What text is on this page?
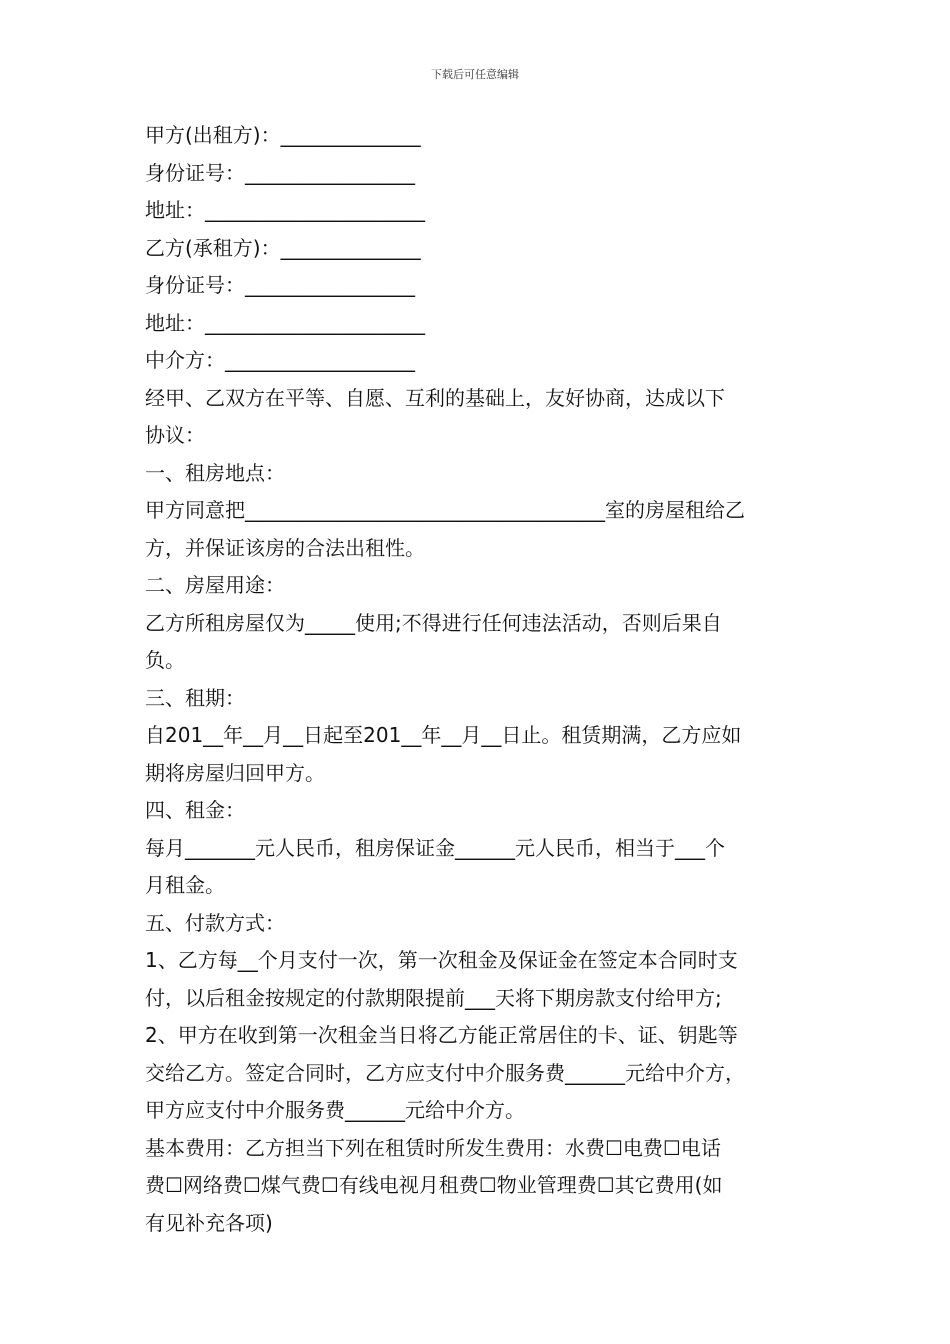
下载后可任意编辑

甲方(出租方)：______________

身份证号：_________________

地址：______________________

乙方(承租方)：______________

身份证号：_________________

地址：______________________

中介方：___________________

经甲、乙双方在平等、自愿、互利的基础上，友好协商，达成以下

协议：

一、租房地点：

甲方同意把____________________________________室的房屋租给乙

方，并保证该房的合法出租性。

二、房屋用途：

乙方所租房屋仅为_____使用;不得进行任何违法活动，否则后果自

负。

三、租期：

自201__年__月__日起至201__年__月__日止。租赁期满，乙方应如

期将房屋归回甲方。

四、租金：

每月_______元人民币，租房保证金______元人民币，相当于___个

月租金。

五、付款方式：

1、乙方每__个月支付一次，第一次租金及保证金在签定本合同时支

付，以后租金按规定的付款期限提前___天将下期房款支付给甲方;

2、甲方在收到第一次租金当日将乙方能正常居住的卡、证、钥匙等

交给乙方。签定合同时，乙方应支付中介服务费______元给中介方，

甲方应支付中介服务费______元给中介方。

基本费用：乙方担当下列在租赁时所发生费用：水费☐电费☐电话

费☐网络费☐煤气费☐有线电视月租费☐物业管理费☐其它费用(如

有见补充各项)
